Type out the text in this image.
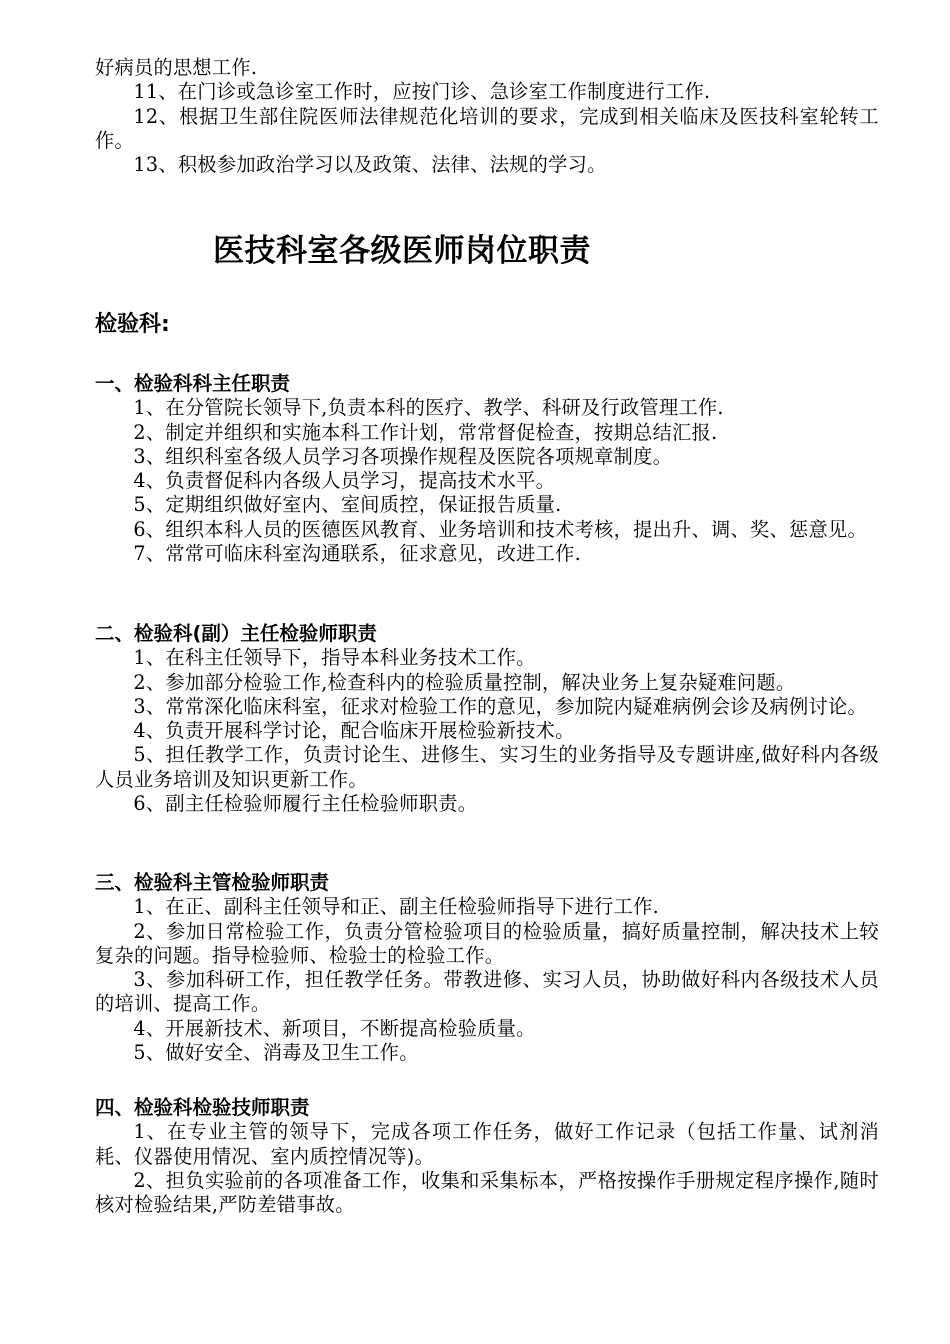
好病员的思想工作.

11、在门诊或急诊室工作时，应按门诊、急诊室工作制度进行工作.

12、根据卫生部住院医师法律规范化培训的要求，完成到相关临床及医技科室轮转工作。

13、积极参加政治学习以及政策、法律、法规的学习。

医技科室各级医师岗位职责
检验科:
一、检验科科主任职责

1、在分管院长领导下,负责本科的医疗、教学、科研及行政管理工作.

2、制定并组织和实施本科工作计划，常常督促检查，按期总结汇报.

3、组织科室各级人员学习各项操作规程及医院各项规章制度。

4、负责督促科内各级人员学习，提高技术水平。

5、定期组织做好室内、室间质控，保证报告质量.

6、组织本科人员的医德医风教育、业务培训和技术考核，提出升、调、奖、惩意见。

7、常常可临床科室沟通联系，征求意见，改进工作.

二、检验科(副）主任检验师职责

1、在科主任领导下，指导本科业务技术工作。

2、参加部分检验工作,检查科内的检验质量控制，解决业务上复杂疑难问题。

3、常常深化临床科室，征求对检验工作的意见，参加院内疑难病例会诊及病例讨论。

4、负责开展科学讨论，配合临床开展检验新技术。

5、担任教学工作，负责讨论生、进修生、实习生的业务指导及专题讲座,做好科内各级人员业务培训及知识更新工作。

6、副主任检验师履行主任检验师职责。

三、检验科主管检验师职责

1、在正、副科主任领导和正、副主任检验师指导下进行工作.

2、参加日常检验工作，负责分管检验项目的检验质量，搞好质量控制，解决技术上较复杂的问题。指导检验师、检验士的检验工作。

3、参加科研工作，担任教学任务。带教进修、实习人员，协助做好科内各级技术人员的培训、提高工作。

4、开展新技术、新项目，不断提高检验质量。

5、做好安全、消毒及卫生工作。

四、检验科检验技师职责

1、在专业主管的领导下，完成各项工作任务，做好工作记录（包括工作量、试剂消耗、仪器使用情况、室内质控情况等)。

2、担负实验前的各项准备工作，收集和采集标本，严格按操作手册规定程序操作,随时核对检验结果,严防差错事故。
